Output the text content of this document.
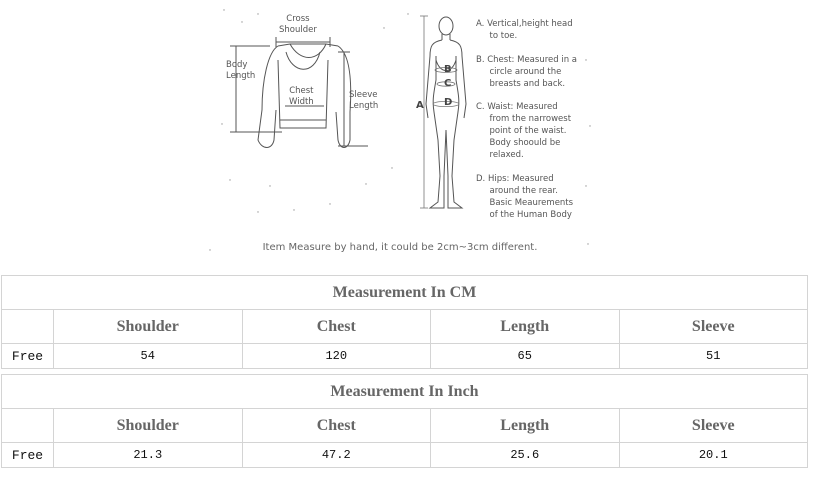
Cross
Shoulder
Body
Length
Chest
Width
Sleeve
Length	A
B
C
D
A. Vertical,height head
to toe.
B. Chest: Measured in a
circle around the
breasts and back.
C. Waist: Measured
from the narrowest
point of the waist.
Body shoould be
relaxed.
D. Hips: Measured
around the rear.
Basic Meaurements
of the Human Body
Item Measure by hand, it could be 2cm~3cm different.
Measurement In CM				
	Shoulder	Chest	Length	Sleeve
Free	54	120	65	51
Measurement In Inch				
	Shoulder	Chest	Length	Sleeve
Free	21.3	47.2	25.6	20.1
